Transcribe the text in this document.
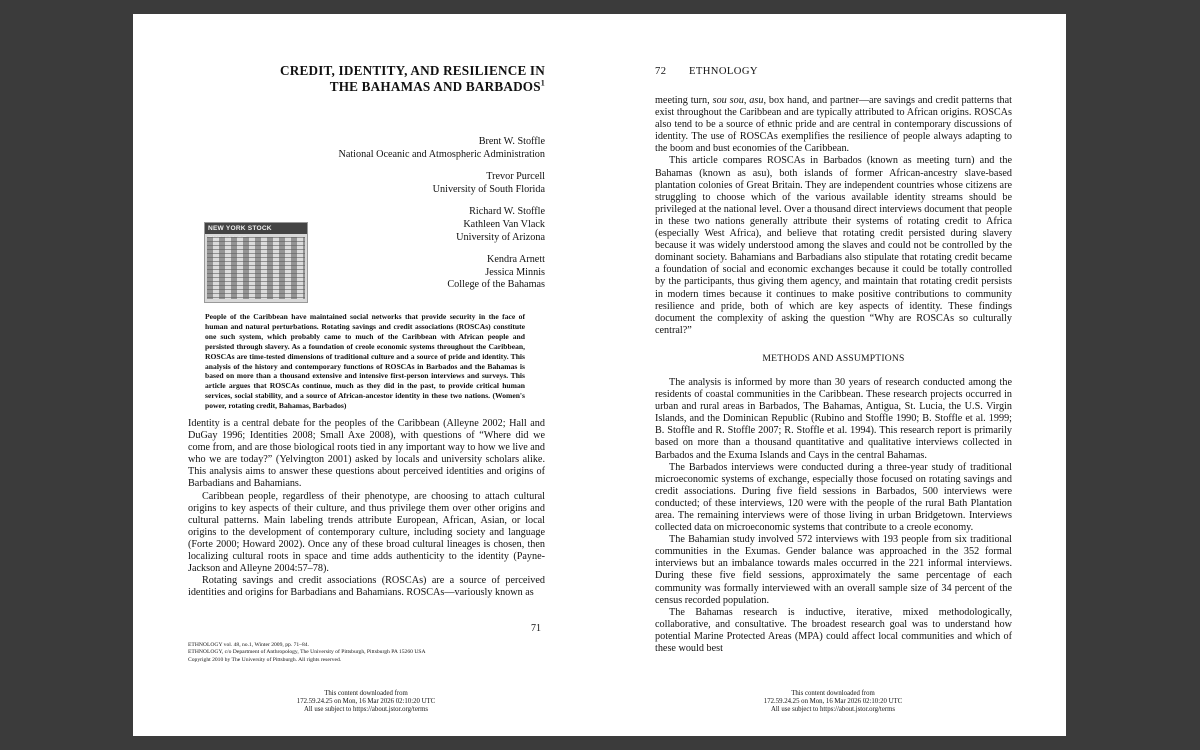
CREDIT, IDENTITY, AND RESILIENCE IN
THE BAHAMAS AND BARBADOS$^1$
Brent W. Stoffle
National Oceanic and Atmospheric Administration
Trevor Purcell
University of South Florida
Richard W. Stoffle
Kathleen Van Vlack
University of Arizona
Kendra Arnett
Jessica Minnis
College of the Bahamas
NEW YORK STOCK
People of the Caribbean have maintained social networks that provide security in the face of human and natural perturbations. Rotating savings and credit associations (ROSCAs) constitute one such system, which probably came to much of the Caribbean with African people and persisted through slavery. As a foundation of creole economic systems throughout the Caribbean, ROSCAs are time-tested dimensions of traditional culture and a source of pride and identity. This analysis of the history and contemporary functions of ROSCAs in Barbados and the Bahamas is based on more than a thousand extensive and intensive first-person interviews and surveys. This article argues that ROSCAs continue, much as they did in the past, to provide critical human services, social stability, and a source of African-ancestor identity in these two nations. (Women's power, rotating credit, Bahamas, Barbados)

Identity is a central debate for the peoples of the Caribbean (Alleyne 2002; Hall and DuGay 1996; Identities 2008; Small Axe 2008), with questions of “Where did we come from, and are those biological roots tied in any important way to how we live and who we are today?” (Yelvington 2001) asked by locals and university scholars alike. This analysis aims to answer these questions about perceived identities and origins of Barbadians and Bahamians.

Caribbean people, regardless of their phenotype, are choosing to attach cultural origins to key aspects of their culture, and thus privilege them over other origins and cultural patterns. Main labeling trends attribute European, African, Asian, or local origins to the development of contemporary culture, including society and language (Forte 2000; Howard 2002). Once any of these broad cultural lineages is chosen, then localizing cultural roots in space and time adds authenticity to the identity (Payne-Jackson and Alleyne 2004:57–78).

Rotating savings and credit associations (ROSCAs) are a source of perceived identities and origins for Barbadians and Bahamians. ROSCAs—variously known as

71
ETHNOLOGY vol. 48, no.1, Winter 2009, pp. 71–84.
ETHNOLOGY, c/o Department of Anthropology, The University of Pittsburgh, Pittsburgh PA 15260 USA
Copyright 2010 by The University of Pittsburgh. All rights reserved.
This content downloaded from
172.59.24.25 on Mon, 16 Mar 2026 02:10:20 UTC
All use subject to https://about.jstor.org/terms
72 ETHNOLOGY

meeting turn, sou sou, asu, box hand, and partner—are savings and credit patterns that exist throughout the Caribbean and are typically attributed to African origins. ROSCAs also tend to be a source of ethnic pride and are central in contemporary discussions of identity. The use of ROSCAs exemplifies the resilience of people always adapting to the boom and bust economies of the Caribbean.

This article compares ROSCAs in Barbados (known as meeting turn) and the Bahamas (known as asu), both islands of former African-ancestry slave-based plantation colonies of Great Britain. They are independent countries whose citizens are struggling to choose which of the various available identity streams should be privileged at the national level. Over a thousand direct interviews document that people in these two nations generally attribute their systems of rotating credit to Africa (especially West Africa), and believe that rotating credit persisted during slavery because it was widely understood among the slaves and could not be controlled by the dominant society. Bahamians and Barbadians also stipulate that rotating credit became a foundation of social and economic exchanges because it could be totally controlled by the participants, thus giving them agency, and maintain that rotating credit persists in modern times because it continues to make positive contributions to community resilience and pride, both of which are key aspects of identity. These findings document the complexity of asking the question “Why are ROSCAs so culturally central?”

METHODS AND ASSUMPTIONS

The analysis is informed by more than 30 years of research conducted among the residents of coastal communities in the Caribbean. These research projects occurred in urban and rural areas in Barbados, The Bahamas, Antigua, St. Lucia, the U.S. Virgin Islands, and the Dominican Republic (Rubino and Stoffle 1990; B. Stoffle et al. 1999; B. Stoffle and R. Stoffle 2007; R. Stoffle et al. 1994). This research report is primarily based on more than a thousand quantitative and qualitative interviews collected in Barbados and the Exuma Islands and Cays in the central Bahamas.

The Barbados interviews were conducted during a three-year study of traditional microeconomic systems of exchange, especially those focused on rotating savings and credit associations. During five field sessions in Barbados, 500 interviews were conducted; of these interviews, 120 were with the people of the rural Bath Plantation area. The remaining interviews were of those living in urban Bridgetown. Interviews collected data on microeconomic systems that contribute to a creole economy.

The Bahamian study involved 572 interviews with 193 people from six traditional communities in the Exumas. Gender balance was approached in the 352 formal interviews but an imbalance towards males occurred in the 221 informal interviews. During these five field sessions, approximately the same percentage of each community was formally interviewed with an overall sample size of 34 percent of the census recorded population.

The Bahamas research is inductive, iterative, mixed methodologically, collaborative, and consultative. The broadest research goal was to understand how potential Marine Protected Areas (MPA) could affect local communities and which of these would best

This content downloaded from
172.59.24.25 on Mon, 16 Mar 2026 02:10:20 UTC
All use subject to https://about.jstor.org/terms
